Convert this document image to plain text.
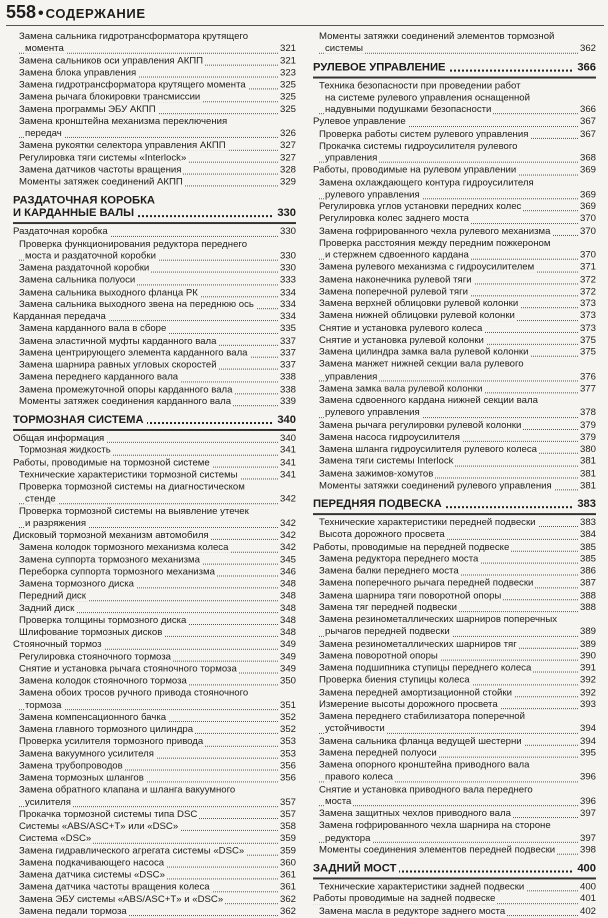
558 • СОДЕРЖАНИЕ
Замена сальника гидротрансформатора крутящего
момента	321
Замена сальников оси управления АКПП	321
Замена блока управления	323
Замена гидротрансформатора крутящего момента	325
Замена рычага блокировки трансмиссии	325
Замена программы ЭБУ АКПП	325
Замена кронштейна механизма переключения
передач	326
Замена рукоятки селектора управления АКПП	327
Регулировка тяги системы «Interlock»	327
Замена датчиков частоты вращения	328
Моменты затяжек соединений АКПП	329
РАЗДАТОЧНАЯ КОРОБКА
И КАРДАННЫЕ ВАЛЫ	330
Раздаточная коробка	330
Проверка функционирования редуктора переднего
моста и раздаточной коробки	330
Замена раздаточной коробки	330
Замена сальника полуоси	333
Замена сальника выходного фланца РК	334
Замена сальника выходного звена на переднюю ось	334
Карданная передача	334
Замена карданного вала в сборе	335
Замена эластичной муфты карданного вала	337
Замена центрирующего элемента карданного вала	337
Замена шарнира равных угловых скоростей	337
Замена переднего карданного вала	338
Замена промежуточной опоры карданного вала	338
Моменты затяжек соединения карданного вала	339
ТОРМОЗНАЯ СИСТЕМА	340
Общая информация	340
Тормозная жидкость	341
Работы, проводимые на тормозной системе	341
Технические характеристики тормозной системы	341
Проверка тормозной системы на диагностическом
стенде	342
Проверка тормозной системы на выявление утечек
и разряжения	342
Дисковый тормозной механизм автомобиля	342
Замена колодок тормозного механизма колеса	342
Замена суппорта тормозного механизма	345
Переборка суппорта тормозного механизма	346
Замена тормозного диска	348
Передний диск	348
Задний диск	348
Проверка толщины тормозного диска	348
Шлифование тормозных дисков	348
Стояночный тормоз	349
Регулировка стояночного тормоза	349
Снятие и установка рычага стояночного тормоза	349
Замена колодок стояночного тормоза	350
Замена обоих тросов ручного привода стояночного
тормоза	351
Замена компенсационного бачка	352
Замена главного тормозного цилиндра	352
Проверка усилителя тормозного привода	353
Замена вакуумного усилителя	353
Замена трубопроводов	356
Замена тормозных шлангов	356
Замена обратного клапана и шланга вакуумного
усилителя	357
Прокачка тормозной системы типа DSC	357
Системы «ABS/ASC+T» или «DSC»	358
Система «DSC»	359
Замена гидравлического агрегата системы «DSC»	359
Замена подкачивающего насоса	360
Замена датчика системы «DSC»	361
Замена датчика частоты вращения колеса	361
Замена ЭБУ системы «ABS/ASC+T» и «DSC»	362
Замена педали тормоза	362
Моменты затяжки соединений элементов тормозной
системы	362
РУЛЕВОЕ УПРАВЛЕНИЕ	366
Техника безопасности при проведении работ
на системе рулевого управления оснащенной
надувными подушками безопасности	366
Рулевое управление	367
Проверка работы систем рулевого управления	367
Прокачка системы гидроусилителя рулевого
управления	368
Работы, проводимые на рулевом управлении	369
Замена охлаждающего контура гидроусилителя
рулевого управления	369
Регулировка углов установки передних колес	369
Регулировка колес заднего моста	370
Замена гофрированного чехла рулевого механизма	370
Проверка расстояния между передним пожкероном
и стержнем сдвоенного кардана	370
Замена рулевого механизма с гидроусилителем	371
Замена наконечника рулевой тяги	372
Замена поперечной рулевой тяги	372
Замена верхней облицовки рулевой колонки	373
Замена нижней облицовки рулевой колонки	373
Снятие и установка рулевого колеса	373
Снятие и установка рулевой колонки	375
Замена цилиндра замка вала рулевой колонки	375
Замена манжет нижней секции вала рулевого
управления	376
Замена замка вала рулевой колонки	377
Замена сдвоенного кардана нижней секции вала
рулевого управления	378
Замена рычага регулировки рулевой колонки	379
Замена насоса гидроусилителя	379
Замена шланга гидроусилителя рулевого колеса	380
Замена тяги системы Interlock	381
Замена зажимов-хомутов	381
Моменты затяжки соединений рулевого управления	381
ПЕРЕДНЯЯ ПОДВЕСКА	383
Технические характеристики передней подвески	383
Высота дорожного просвета	384
Работы, проводимые на передней подвеске	385
Замена редуктора переднего моста	385
Замена балки переднего моста	386
Замена поперечного рычага передней подвески	387
Замена шарнира тяги поворотной опоры	388
Замена тяг передней подвески	388
Замена резинометаллических шарниров поперечных
рычагов передней подвески	389
Замена резинометаллических шарниров тяг	389
Замена поворотной опоры	390
Замена подшипника ступицы переднего колеса	391
Проверка биения ступицы колеса	392
Замена передней амортизационной стойки	392
Измерение высоты дорожного просвета	393
Замена переднего стабилизатора поперечной
устойчивости	394
Замена сальника фланца ведущей шестерни	394
Замена передней полуоси	395
Замена опорного кронштейна приводного вала
правого колеса	396
Снятие и установка приводного вала переднего
моста	396
Замена защитных чехлов приводного вала	397
Замена гофрированного чехла шарнира на стороне
редуктора	397
Моменты соединения элементов передней подвески	398
ЗАДНИЙ МОСТ	400
Технические характеристики задней подвески	400
Работы проводимые на задней подвеске	401
Замена масла в редукторе заднего моста	402
